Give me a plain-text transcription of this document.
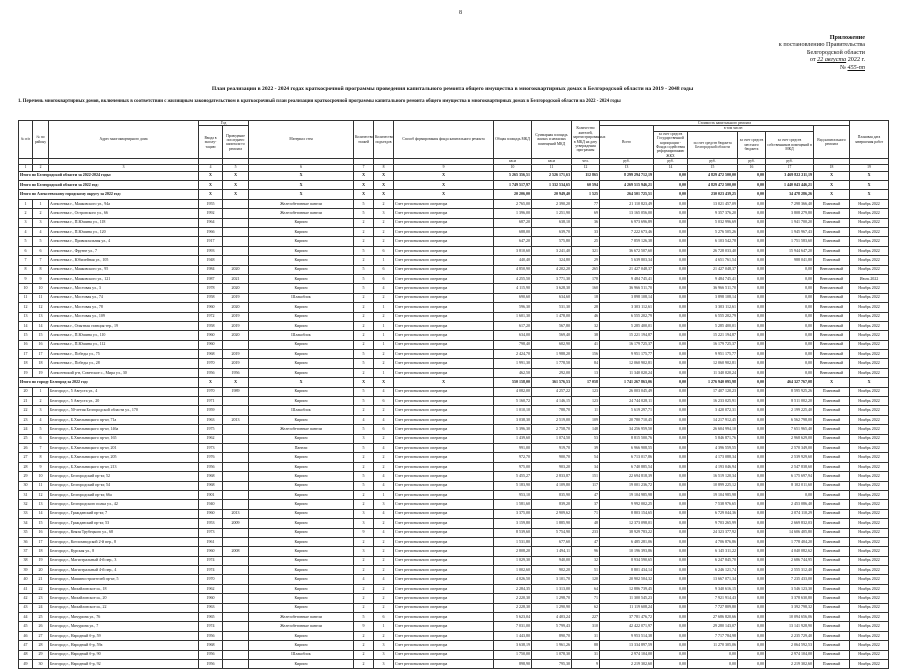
8
Приложение
к постановлению Правительства
Белгородской области
от 22 августа 2022 г.
№ 455-пп
План реализации в 2022 - 2024 годах краткосрочной программы проведения капитального ремонта общего имущества в многоквартирных домах в Белгородской области на 2019 - 2048 годы
1. Перечень многоквартирных домов, включенных в соответствии с жилищным законодательством в краткосрочный план реализации краткосрочной программы капитального ремонта общего имущества в многоквартирных домах в Белгородской области на 2022 - 2024 годы
№ п/п	№ по району	Адрес многоквартирного дома	Год		Материал стен	Количество этажей	Количество подъездов	Способ формирования фонда капитального ремонта	Общая площадь МКД	Суммарная площадь жилых и нежилых помещений МКД	Количество жителей, зарегистрированных в МКД на дату утверждения программы	Стоимость капитального ремонта						Плановая дата завершения работ
			Ввода в эксплу-тацию	Проведение последнего капиталь-го ремонта								Всего	в том числе:				Вид капитального ремонта	
													за счет средств Государственной корпорации - Фонда содействия реформированию ЖКХ	за счет средств бюджета Белгородской области	за счет средств местного бюджета	за счет средств собственников помещений в МКД		
									кв.м	кв.м	чел.	руб.	руб.	руб.	руб.	руб.		
1	2	3	4	5	6	7	8	9	10	11	12	13	14	15	16	17	18	19
Итого по Белгородской области за 2022-2024 годы:			Х	Х	Х	Х	Х	Х	5 265 356,51	2 526 171,63	112 865	8 299 294 712,19	0,00	4 829 472 500,00	0,00	3 469 822 211,19	Х	Х
Итого по Белгородской области за 2022 год:			Х	Х	Х	Х	Х	Х	1 749 517,97	1 332 534,65	60 594	4 269 515 946,21	0,00	4 829 472 500,00	0,00	1 440 043 446,21	Х	Х
Итого по Алексеевскому городскому округу за 2022 год:			Х	Х	Х	Х	Х	Х	20 206,00	20 949,40	1 525	264 501 725,51	0,00	230 023 439,25	0,00	34 478 286,26	Х	Х
1	1	Алексеевка г., Маяковского ул., 94а	1955		Железобетонные панели	5	2	Счет регионального оператора	2 765,00	2 390,20	77	21 110 823,49	0,00	13 021 457,09	0,00	7 298 366,40	Плановый	Ноябрь 2022
2	2	Алексеевка г., Островского ул., 66	1992		Железобетонные панели	5	3	Счет регионального оператора	1 396,00	1 251,90	69	13 165 056,00	0,00	9 357 376,20	0,00	3 808 279,80	Плановый	Ноябрь 2022
3	3	Алексеевка г., П.Юшина ул., 118	1964		Кирпич	2	2	Счет регионального оператора	687,20	638,10	36	6 973 696,89	0,00	5 032 996,69	0,00	1 941 700,20	Плановый	Ноябрь 2022
4	4	Алексеевка г., П.Юшина ул., 120	1966		Кирпич	2	2	Счет регионального оператора	688,00	639,70	33	7 222 673,46	0,00	5 276 505,26	0,00	1 945 967,43	Плановый	Ноябрь 2022
5	5	Алексеевка г., Привокзальная ул., 4	1917		Кирпич	2	2	Счет регионального оператора	647,20	575,80	25	7 859 126,38	0,00	6 103 542,78	0,00	1 751 583,60	Плановый	Ноябрь 2022
6	6	Алексеевка г., Фрунзе ул., 7	1993		Кирпич	5	6	Счет регионального оператора	3 810,60	3 241,40	321	36 672 507,60	0,00	26 728 033,40	0,00	15 944 647,20	Плановый	Ноябрь 2022
7	7	Алексеевка г., Юбилейная ул., 105	1948		Кирпич	2	1	Счет регионального оператора	440,40	324,80	29	5 639 803,34	0,00	4 651 761,54	0,00	988 041,80	Плановый	Ноябрь 2022
8	8	Алексеевка г., Маяковского ул., 95	1984	2020	Кирпич	5	6	Счет регионального оператора	4 850,90	4 202,20	265	21 427 048,37	0,00	21 427 048,37	0,00	0,00	Внеплановый	Ноябрь 2022
9	9	Алексеевка г., Маяковского ул., 121	1987	2021	Кирпич	5	6	Счет регионального оператора	4 255,50	3 771,30	178	9 484 745,41	0,00	9 484 745,41	0,00	0,00	Внеплановый	Июль 2022
10	10	Алексеевка г., Мостовая ул., 3	1978	2020	Кирпич	5	4	Счет регионального оператора	4 115,90	3 628,30	160	36 966 511,70	0,00	36 966 511,70	0,00	0,00	Внеплановый	Ноябрь 2022
11	11	Алексеевка г., Мостовая ул., 74	1958	2019	Шлакоблок	2	2	Счет регионального оператора	690,60	634,60	18	3 898 108,14	0,00	3 898 108,14	0,00	0,00	Внеплановый	Ноябрь 2022
12	12	Алексеевка г., Мостовая ул., 78	1960	2020	Кирпич	2	1	Счет регионального оператора	596,30	531,30	28	3 303 112,61	0,00	3 303 112,61	0,00	0,00	Внеплановый	Ноябрь 2022
13	13	Алексеевка г., Мостовая ул., 109	1972	2019	Кирпич	2	2	Счет регионального оператора	1 601,30	1 478,00	46	6 555 202,79	0,00	6 555 202,79	0,00	0,00	Внеплановый	Ноябрь 2022
14	14	Алексеевка г., Опытная станция тер., 19	1958	2019	Кирпич	2	1	Счет регионального оператора	617,20	567,80	32	5 285 400,01	0,00	5 285 400,01	0,00	0,00	Внеплановый	Ноябрь 2022
15	15	Алексеевка г., П.Юшина ул., 110	1960	2020	Шлакоблок	2	1	Счет регионального оператора	634,00	569,40	38	15 221 194,87	0,00	15 221 194,87	0,00	0,00	Внеплановый	Ноябрь 2022
16	16	Алексеевка г., П.Юшина ул., 112	1960		Кирпич	2	1	Счет регионального оператора	798,40	602,90	41	16 179 725,37	0,00	16 179 725,37	0,00	0,00	Внеплановый	Ноябрь 2022
17	17	Алексеевка г., Победы ул., 75	1968	2019	Кирпич	5	2	Счет регионального оператора	2 424,70	1 988,20	156	9 951 175,77	0,00	9 951 175,77	0,00	0,00	Внеплановый	Ноябрь 2022
18	18	Алексеевка г., Победы ул., 28	1970	2019	Кирпич	5	2	Счет регионального оператора	1 991,30	1 778,50	84	12 060 902,81	0,00	12 060 902,81	0,00	0,00	Внеплановый	Ноябрь 2022
19	19	Алексеевский р-н, Советское с., Мира ул., 30	1956	1956	Кирпич	2	1	Счет регионального оператора	462,50	292,00	13	11 340 020,24	0,00	11 340 020,24	0,00	0,00	Внеплановый	Ноябрь 2022
Итого по городу Белгород за 2022 год:			Х	Х	Х	Х	Х	Х	550 158,00	361 576,53	17 058	1 741 267 863,06	0,00	1 276 940 095,98	0,00	464 327 767,08	Х	Х
20	1	Белгород г., 5 Августа ул., 4	1970	1989	Кирпич	5	4	Счет регионального оператора	4 082,00	4 257,22	123	26 003 045,49	0,00	17 407 120,23	0,00	8 595 925,26	Плановый	Ноябрь 2022
21	2	Белгород г., 5 Августа ул., 20	1971		Кирпич	5	6	Счет регионального оператора	5 160,72	4 146,15	123	24 744 028,11	0,00	16 233 025,91	0,00	8 511 002,20	Плановый	Ноябрь 2022
22	3	Белгород г., 50-летия Белгородской области ул., 170	1959		Шлакоблок	2	2	Счет регионального оператора	1 010,10	788,70	11	5 619 297,71	0,00	3 420 072,31	0,00	2 199 225,40	Плановый	Ноябрь 2022
23	4	Белгород г., Б.Хмельницкого пр-кт, 71а	1963	2013	Кирпич	4	4	Счет регионального оператора	3 038,30	2 519,00	109	20 780 710,45	0,00	14 217 912,45	0,00	6 562 798,00	Плановый	Ноябрь 2022
24	5	Белгород г., Б.Хмельницкого пр-кт, 146а	1975		Железобетонные панели	5	6	Счет регионального оператора	5 396,30	2 758,70	148	34 256 959,50	0,00	26 604 994,10	0,00	7 651 965,40	Плановый	Ноябрь 2022
25	6	Белгород г., Б.Хмельницкого пр-кт, 165	1962		Кирпич	3	2	Счет регионального оператора	1 439,60	1 074,50	53	8 815 500,76	0,00	5 846 871,76	0,00	2 968 629,00	Плановый	Ноябрь 2022
26	7	Белгород г., Б.Хмельницкого пр-кт, 201	1973		Панели	5	4	Счет регионального оператора	991,00	919,70	39	6 966 908,55	0,00	4 396 559,55	0,00	2 570 349,00	Плановый	Ноябрь 2022
27	8	Белгород г., Б.Хмельницкого пр-кт, 205	1976		Кирпич	2	2	Счет регионального оператора	972,70	900,70	54	6 713 017,86	0,00	4 173 088,34	0,00	2 539 929,60	Плановый	Ноябрь 2022
28	9	Белгород г., Б.Хмельницкого пр-кт, 213	1956		Кирпич	2	2	Счет регионального оператора	975,00	903,20	34	6 740 885,54	0,00	4 193 046,94	0,00	2 547 838,60	Плановый	Ноябрь 2022
29	10	Белгород г., Белгородский пр-кт, 52	1968		Кирпич	5	4	Счет регионального оператора	5 455,27	2 833,87	151	22 694 818,39	0,00	16 519 120,34	0,00	6 175 697,94	Плановый	Ноябрь 2022
30	11	Белгород г., Белгородский пр-кт, 54	1968		Кирпич	5	4	Счет регионального оператора	5 183,90	4 109,80	117	19 001 236,72	0,00	10 899 225,12	0,00	8 102 011,60	Плановый	Ноябрь 2022
31	12	Белгород г., Белгородский пр-кт, 66а	1901		Кирпич	2	1	Счет регионального оператора	953,10	835,90	47	19 104 985,98	0,00	19 104 985,98	0,00	0,00	Плановый	Ноябрь 2022
32	13	Белгород г., Белгородского полка ул., 42	1940		Кирпич	2	3	Счет регионального оператора	1 581,60	839,20	37	9 992 002,25	0,00	7 538 976,65	0,00	2 453 086,40	Плановый	Ноябрь 2022
33	14	Белгород г., Гражданский пр-кт, 7	1960	2013	Кирпич	3	4	Счет регионального оператора	3 375,00	2 909,62	71	8 803 154,65	0,00	6 729 044,36	0,00	2 074 110,29	Плановый	Ноябрь 2022
34	15	Белгород г., Гражданский пр-кт, 53	1953	2009	Кирпич	3	2	Счет регионального оператора	3 159,80	1 885,90	48	12 373 098,01	0,00	9 703 265,99	0,00	2 669 832,03	Плановый	Ноябрь 2022
35	16	Белгород г., Князя Трубецкого ул., 68	1973		Кирпич	9	4	Счет регионального оператора	8 539,60	5 754,90	233	38 929 783,22	0,00	24 323 377,92	0,00	14 606 405,80	Плановый	Ноябрь 2022
36	17	Белгород г., Котлозаводской 2-й пер., 8	1961		Кирпич	2	2	Счет регионального оператора	1 531,80	677,60	47	6 485 281,06	0,00	4 706 876,86	0,00	1 778 404,20	Плановый	Ноябрь 2022
37	18	Белгород г., Курская ул., 8	1960	2008	Кирпич	3	2	Счет регионального оператора	2 808,20	1 494,11	96	10 196 393,86	0,00	6 145 311,22	0,00	4 040 082,62	Плановый	Ноябрь 2022
38	19	Белгород г., Магистральный 4-й пер., 3	1974		Кирпич	2	2	Счет регионального оператора	1 029,30	940,00	32	8 934 590,65	0,00	6 247 845,70	0,00	2 686 744,95	Плановый	Ноябрь 2022
39	20	Белгород г., Магистральный 4-й пер., 4	1974		Кирпич	2	2	Счет регионального оператора	1 002,60	902,20	51	8 801 434,14	0,00	6 246 121,74	0,00	2 555 312,40	Плановый	Ноябрь 2022
40	21	Белгород г., Машиностроителей пр-кт, 5	1970		Кирпич	4	4	Счет регионального оператора	4 026,50	3 101,70	120	20 902 504,32	0,00	13 667 071,34	0,00	7 235 433,00	Плановый	Ноябрь 2022
41	22	Белгород г., Михайловское ш., 18	1962		Кирпич	2	2	Счет регионального оператора	2 284,35	1 313,00	64	12 886 739,45	0,00	9 340 616,15	0,00	3 546 123,30	Плановый	Ноябрь 2022
42	23	Белгород г., Михайловское ш., 20	1960		Кирпич	2	2	Счет регионального оператора	2 220,30	1 298,70	71	11 300 545,23	0,00	7 921 914,43	0,00	3 378 630,80	Плановый	Ноябрь 2022
43	24	Белгород г., Михайловское ш., 22	1963		Кирпич	2	2	Счет регионального оператора	2 228,30	1 290,90	62	11 119 608,24	0,00	7 727 809,80	0,00	3 392 798,32	Плановый	Ноябрь 2022
44	25	Белгород г., Мичурина ул., 76	1965		Железобетонные панели	5	6	Счет регионального оператора	5 623,04	4 403,24	227	37 781 476,72	0,00	27 686 820,66	0,00	10 094 656,06	Плановый	Ноябрь 2022
45	26	Белгород г., Мичурина ул., 7	1974		Железобетонные панели	9	1	Счет регионального оператора	7 031,00	5 799,43	310	42 422 071,97	0,00	29 280 143,07	0,00	13 141 928,90	Плановый	Ноябрь 2022
46	27	Белгород г., Народный б-р, 59	1956		Кирпич	2	2	Счет регионального оператора	1 443,80	890,70	31	9 953 514,38	0,00	7 717 784,98	0,00	2 235 729,40	Плановый	Ноябрь 2022
47	28	Белгород г., Народный б-р, 59а	1968		Кирпич	2	3	Счет регионального оператора	3 638,19	1 961,26	88	13 334 897,59	0,00	11 270 305,06	0,00	2 064 592,53	Плановый	Ноябрь 2022
48	29	Белгород г., Народный б-р, 90	1956		Шлакоблок	2	3	Счет регионального оператора	1 750,00	1 078,30	31	2 974 104,00	0,00	0,00	0,00	2 974 104,00	Плановый	Ноябрь 2022
49	30	Белгород г., Народный б-р, 92	1956		Кирпич	2	3	Счет регионального оператора	898,90	795,30	9	2 219 302,60	0,00	0,00	0,00	2 219 302,60	Плановый	Ноябрь 2022
